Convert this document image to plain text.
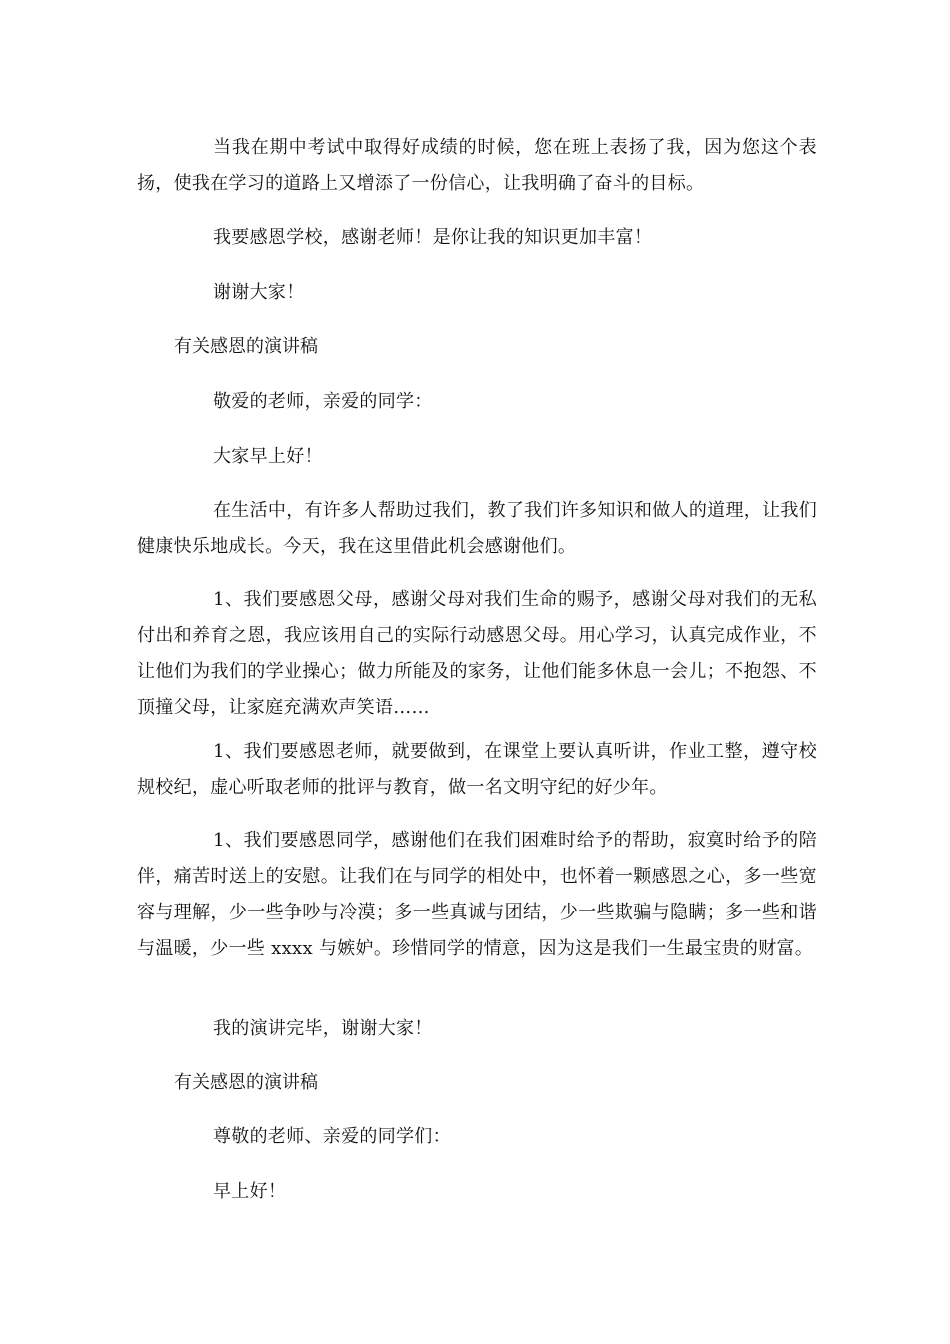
当我在期中考试中取得好成绩的时候，您在班上表扬了我，因为您这个表扬，使我在学习的道路上又增添了一份信心，让我明确了奋斗的目标。

我要感恩学校，感谢老师！是你让我的知识更加丰富！

谢谢大家！

有关感恩的演讲稿

敬爱的老师，亲爱的同学：

大家早上好！

在生活中，有许多人帮助过我们，教了我们许多知识和做人的道理，让我们健康快乐地成长。今天，我在这里借此机会感谢他们。

1、我们要感恩父母，感谢父母对我们生命的赐予，感谢父母对我们的无私付出和养育之恩，我应该用自己的实际行动感恩父母。用心学习，认真完成作业，不让他们为我们的学业操心；做力所能及的家务，让他们能多休息一会儿；不抱怨、不顶撞父母，让家庭充满欢声笑语……

1、我们要感恩老师，就要做到，在课堂上要认真听讲，作业工整，遵守校规校纪，虚心听取老师的批评与教育，做一名文明守纪的好少年。

1、我们要感恩同学，感谢他们在我们困难时给予的帮助，寂寞时给予的陪伴，痛苦时送上的安慰。让我们在与同学的相处中，也怀着一颗感恩之心，多一些宽容与理解，少一些争吵与冷漠；多一些真诚与团结，少一些欺骗与隐瞒；多一些和谐与温暖，少一些 xxxx 与嫉妒。珍惜同学的情意，因为这是我们一生最宝贵的财富。

我的演讲完毕，谢谢大家！

有关感恩的演讲稿

尊敬的老师、亲爱的同学们：

早上好！
